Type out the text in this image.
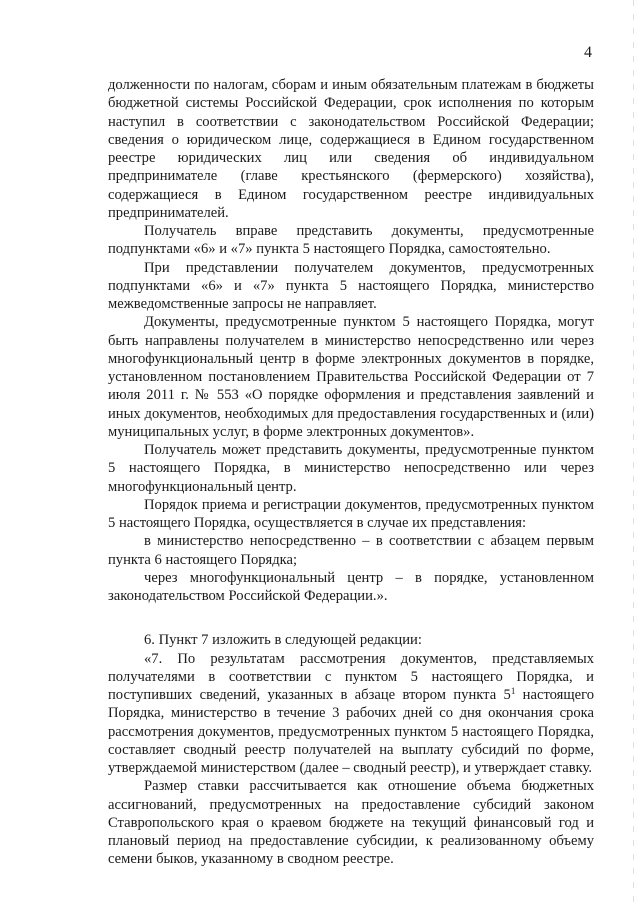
4

долженности по налогам, сборам и иным обязательным платежам в бюджеты бюджетной системы Российской Федерации, срок исполнения по которым наступил в соответствии с законодательством Российской Федерации; сведения о юридическом лице, содержащиеся в Едином государственном реестре юридических лиц или сведения об индивидуальном предпринимателе (главе крестьянского (фермерского) хозяйства), содержащиеся в Едином государственном реестре индивидуальных предпринимателей.

Получатель вправе представить документы, предусмотренные подпунктами «6» и «7» пункта 5 настоящего Порядка, самостоятельно.

При представлении получателем документов, предусмотренных подпунктами «6» и «7» пункта 5 настоящего Порядка, министерство межведомственные запросы не направляет.

Документы, предусмотренные пунктом 5 настоящего Порядка, могут быть направлены получателем в министерство непосредственно или через многофункциональный центр в форме электронных документов в порядке, установленном постановлением Правительства Российской Федерации от 7 июля 2011 г. № 553 «О порядке оформления и представления заявлений и иных документов, необходимых для предоставления государственных и (или) муниципальных услуг, в форме электронных документов».

Получатель может представить документы, предусмотренные пунктом 5 настоящего Порядка, в министерство непосредственно или через многофункциональный центр.

Порядок приема и регистрации документов, предусмотренных пунктом 5 настоящего Порядка, осуществляется в случае их представления:

в министерство непосредственно – в соответствии с абзацем первым пункта 6 настоящего Порядка;

через многофункциональный центр – в порядке, установленном законодательством Российской Федерации.».

6. Пункт 7 изложить в следующей редакции:

«7. По результатам рассмотрения документов, представляемых получателями в соответствии с пунктом 5 настоящего Порядка, и поступивших сведений, указанных в абзаце втором пункта $5^1$ настоящего Порядка, министерство в течение 3 рабочих дней со дня окончания срока рассмотрения документов, предусмотренных пунктом 5 настоящего Порядка, составляет сводный реестр получателей на выплату субсидий по форме, утверждаемой министерством (далее – сводный реестр), и утверждает ставку.

Размер ставки рассчитывается как отношение объема бюджетных ассигнований, предусмотренных на предоставление субсидий законом Ставропольского края о краевом бюджете на текущий финансовый год и плановый период на предоставление субсидии, к реализованному объему семени быков, указанному в сводном реестре.
